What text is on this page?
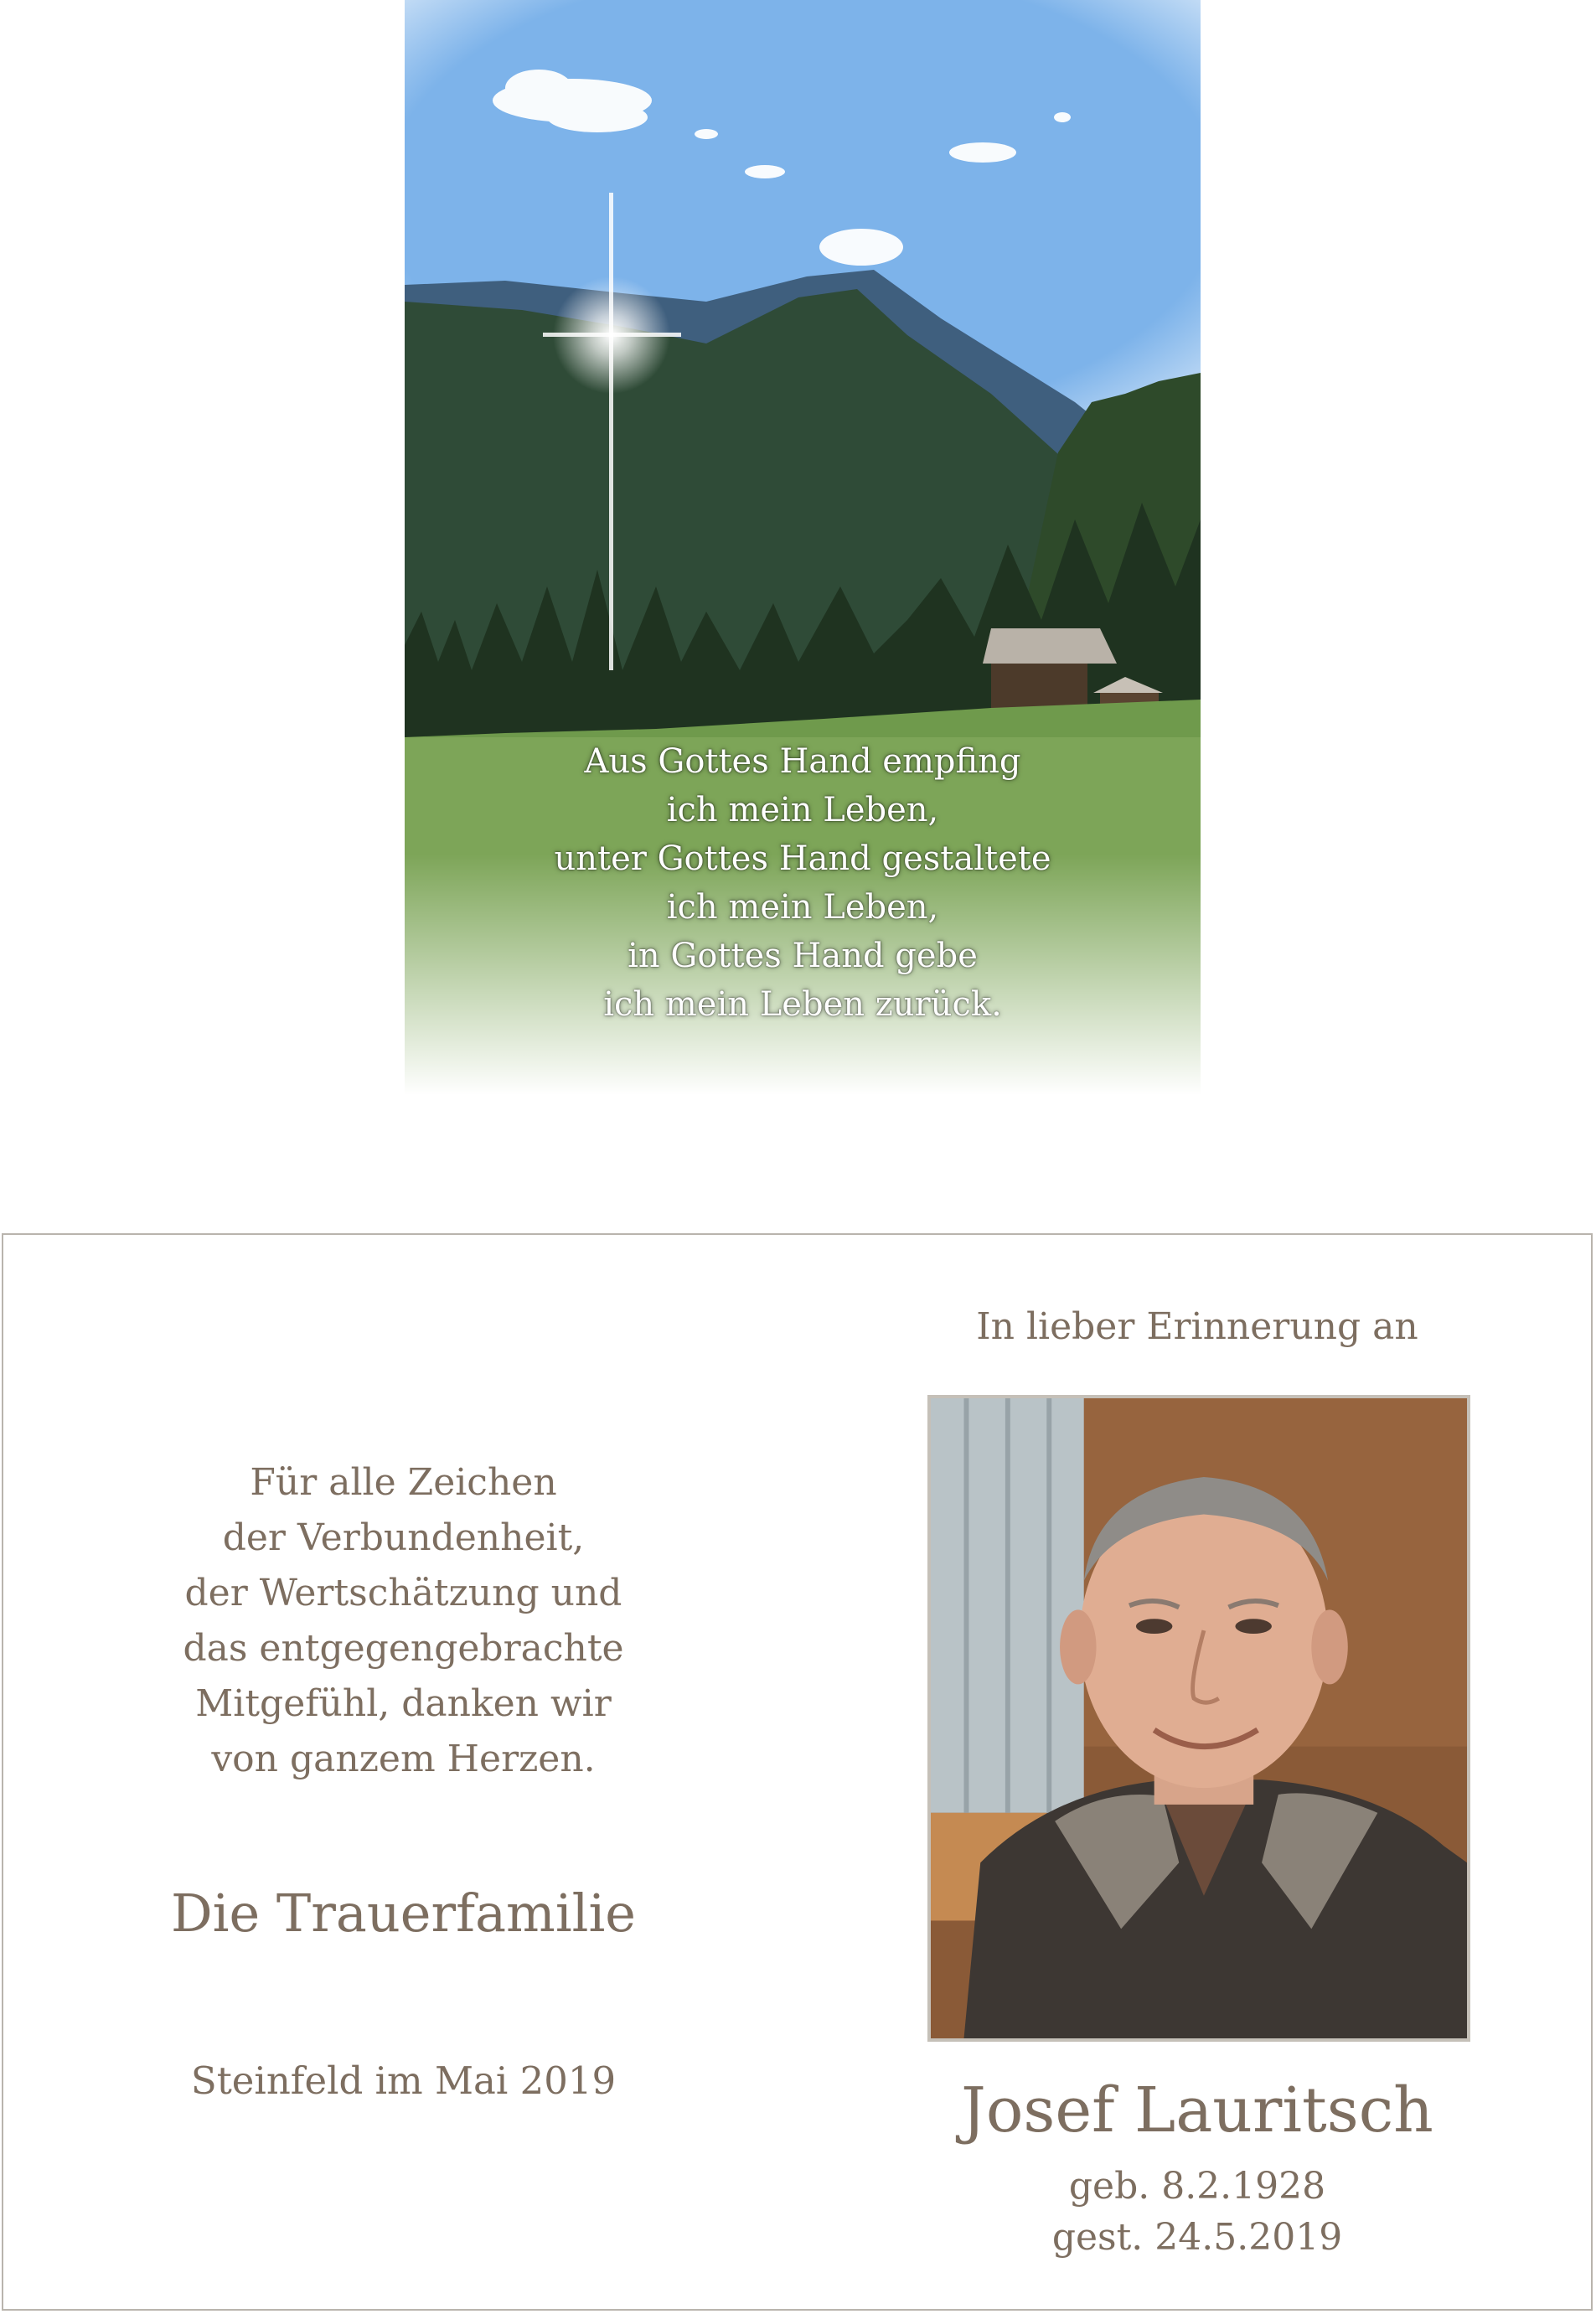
Aus Gottes Hand empfing
ich mein Leben,
unter Gottes Hand gestaltete
ich mein Leben,
in Gottes Hand gebe
ich mein Leben zurück.
Für alle Zeichen
der Verbundenheit,
der Wertschätzung und
das entgegengebrachte
Mitgefühl, danken wir
von ganzem Herzen.
Die Trauerfamilie
Steinfeld im Mai 2019
In lieber Erinnerung an
Josef Lauritsch
geb. 8.2.1928
gest. 24.5.2019
